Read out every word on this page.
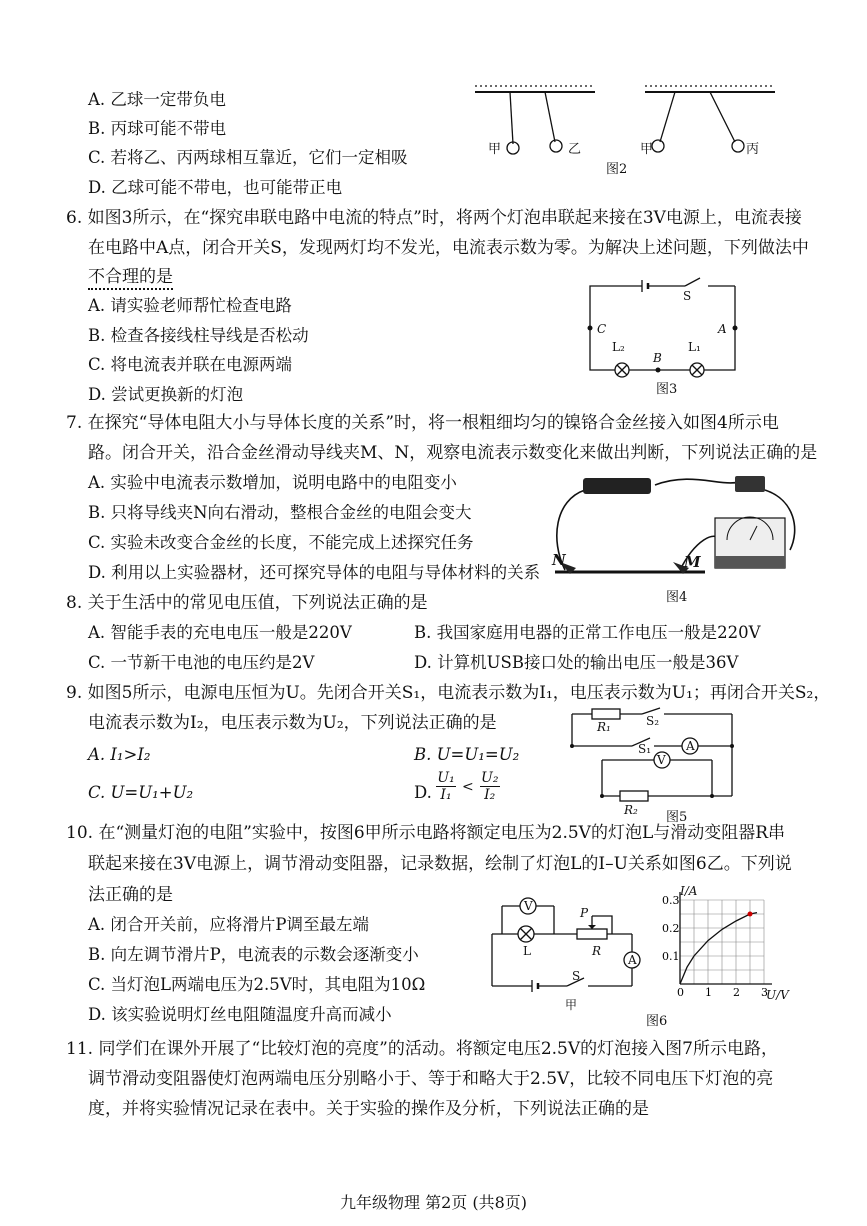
A. 乙球一定带负电
B. 丙球可能不带电
C. 若将乙、丙两球相互靠近，它们一定相吸
D. 乙球可能不带电，也可能带正电
甲	乙	甲	丙
图2
6. 如图3所示，在“探究串联电路中电流的特点”时，将两个灯泡串联起来接在3V电源上，电流表接
在电路中A点，闭合开关S，发现两灯均不发光，电流表示数为零。为解决上述问题，下列做法中
不合理的是
A. 请实验老师帮忙检查电路
B. 检查各接线柱导线是否松动
C. 将电流表并联在电源两端
D. 尝试更换新的灯泡
S
C	A
L₂
B
L₁
图3
7. 在探究“导体电阻大小与导体长度的关系”时，将一根粗细均匀的镍铬合金丝接入如图4所示电
路。闭合开关，沿合金丝滑动导线夹M、N，观察电流表示数变化来做出判断，下列说法正确的是
A. 实验中电流表示数增加，说明电路中的电阻变小
B. 只将导线夹N向右滑动，整根合金丝的电阻会变大
C. 实验未改变合金丝的长度，不能完成上述探究任务
D. 利用以上实验器材，还可探究导体的电阻与导体材料的关系
N	M
图4
8. 关于生活中的常见电压值，下列说法正确的是
A. 智能手表的充电电压一般是220V	B. 我国家庭用电器的正常工作电压一般是220V
C. 一节新干电池的电压约是2V	D. 计算机USB接口处的输出电压一般是36V
9. 如图5所示，电源电压恒为U。先闭合开关S₁，电流表示数为I₁，电压表示数为U₁；再闭合开关S₂，
电流表示数为I₂，电压表示数为U₂，下列说法正确的是
A. I₁>I₂	B. U=U₁=U₂
C. U=U₁+U₂	D.
U₁
I₁
<
U₂
I₂
R₁	S₂
S₁	A
V
R₂ 图5
10. 在“测量灯泡的电阻”实验中，按图6甲所示电路将额定电压为2.5V的灯泡L与滑动变阻器R串
联起来接在3V电源上，调节滑动变阻器，记录数据，绘制了灯泡L的I–U关系如图6乙。下列说
法正确的是
A. 闭合开关前，应将滑片P调至最左端
B. 向左调节滑片P，电流表的示数会逐渐变小
C. 当灯泡L两端电压为2.5V时，其电阻为10Ω
D. 该实验说明灯丝电阻随温度升高而减小
V	P
L	R
A
S
甲
0 1 2 3
0.1
0.2
0.3
I/A
U/V
图6
11. 同学们在课外开展了“比较灯泡的亮度”的活动。将额定电压2.5V的灯泡接入图7所示电路，
调节滑动变阻器使灯泡两端电压分别略小于、等于和略大于2.5V，比较不同电压下灯泡的亮
度，并将实验情况记录在表中。关于实验的操作及分析，下列说法正确的是
九年级物理 第2页 (共8页)
